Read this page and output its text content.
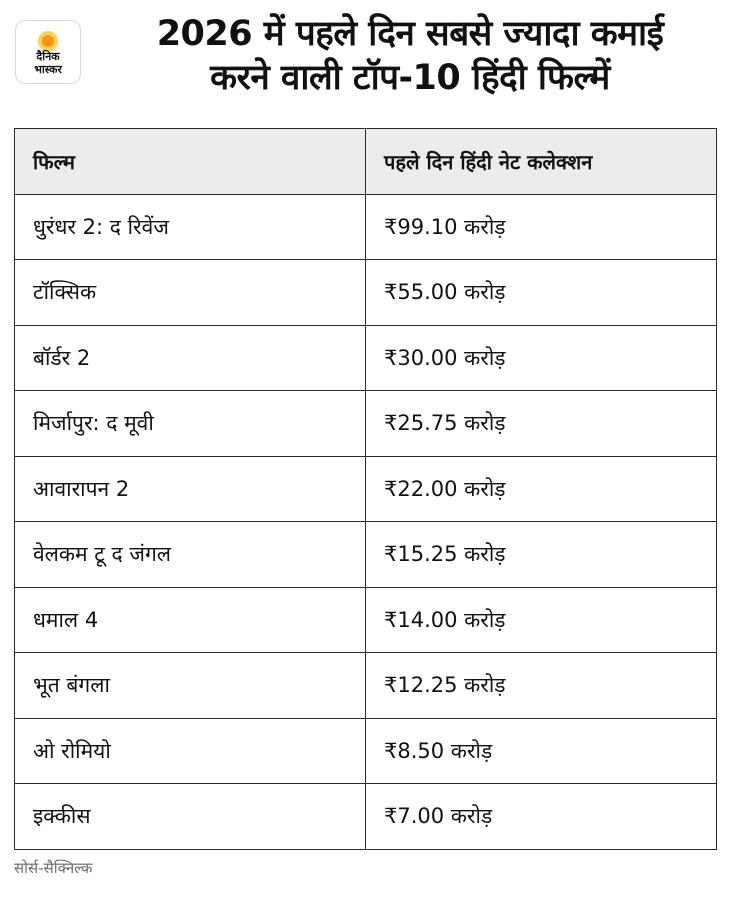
दैनिक
भास्कर
2026 में पहले दिन सबसे ज्यादा कमाई
करने वाली टॉप-10 हिंदी फिल्में
फिल्म	पहले दिन हिंदी नेट कलेक्शन
धुरंधर 2: द रिवेंज	₹99.10 करोड़
टॉक्सिक	₹55.00 करोड़
बॉर्डर 2	₹30.00 करोड़
मिर्जापुर: द मूवी	₹25.75 करोड़
आवारापन 2	₹22.00 करोड़
वेलकम टू द जंगल	₹15.25 करोड़
धमाल 4	₹14.00 करोड़
भूत बंगला	₹12.25 करोड़
ओ रोमियो	₹8.50 करोड़
इक्कीस	₹7.00 करोड़
सोर्स-सैक्निल्क
